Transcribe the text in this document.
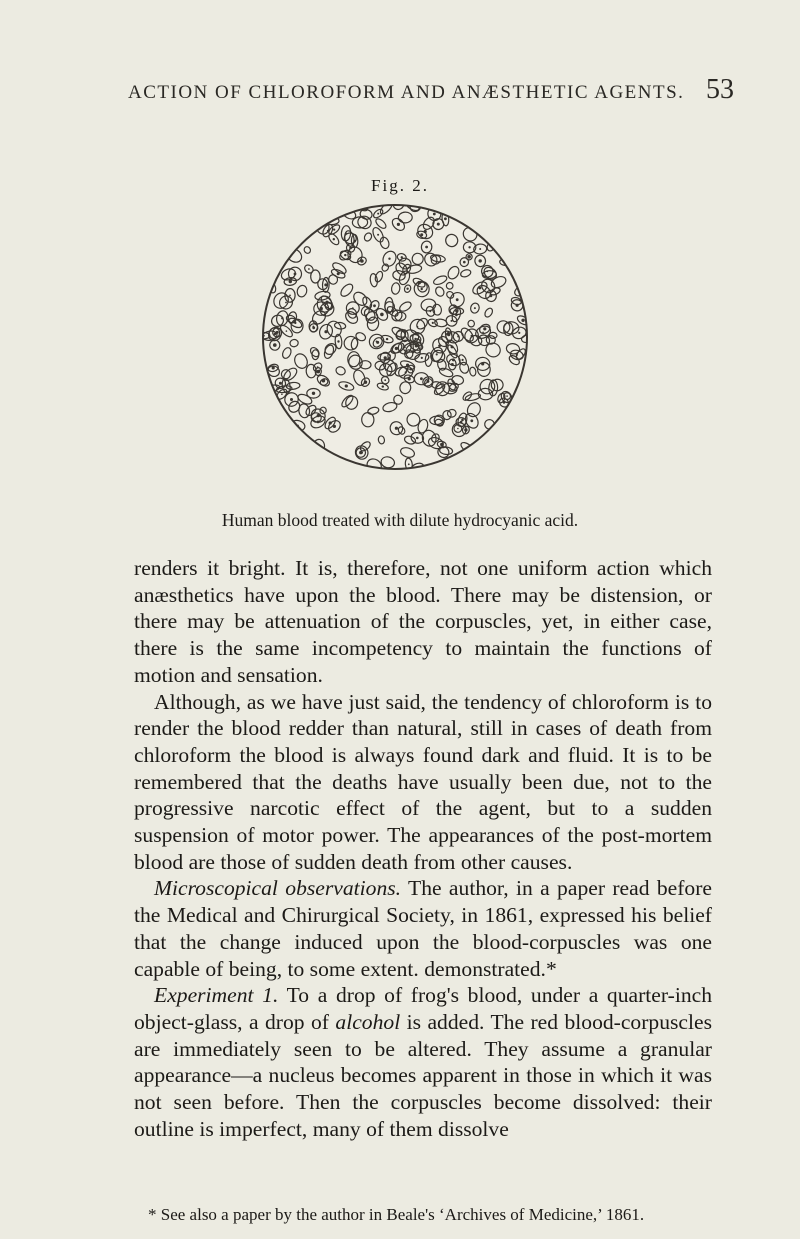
ACTION OF CHLOROFORM AND ANÆSTHETIC AGENTS. 53
Fig. 2.
Human blood treated with dilute hydrocyanic acid.

renders it bright. It is, therefore, not one uniform action which anæsthetics have upon the blood. There may be distension, or there may be attenuation of the corpuscles, yet, in either case, there is the same incompetency to maintain the functions of motion and sensation.

Although, as we have just said, the tendency of chloroform is to render the blood redder than natural, still in cases of death from chloroform the blood is always found dark and fluid. It is to be remembered that the deaths have usually been due, not to the progressive narcotic effect of the agent, but to a sudden suspension of motor power. The appearances of the post-mortem blood are those of sudden death from other causes.

Microscopical observations. The author, in a paper read before the Medical and Chirurgical Society, in 1861, expressed his belief that the change induced upon the blood-corpuscles was one capable of being, to some extent. demonstrated.*

Experiment 1. To a drop of frog's blood, under a quarter-inch object-glass, a drop of alcohol is added. The red blood-corpuscles are immediately seen to be altered. They assume a granular appearance—a nucleus becomes apparent in those in which it was not seen before. Then the corpuscles become dissolved: their outline is imperfect, many of them dissolve

* See also a paper by the author in Beale's ‘Archives of Medicine,’ 1861.
